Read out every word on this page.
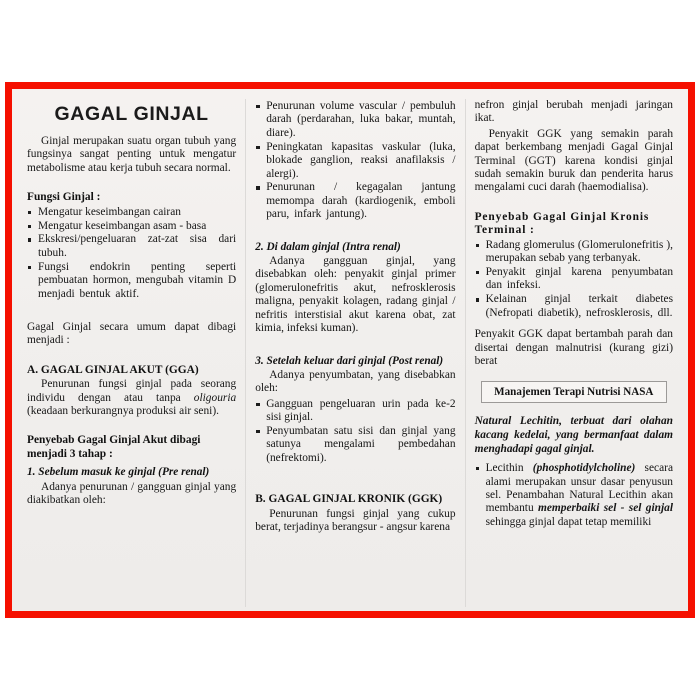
GAGAL GINJAL

Ginjal merupakan suatu organ tubuh yang fungsinya sangat penting untuk mengatur metabolisme atau kerja tubuh secara normal.

Fungsi Ginjal :
Mengatur keseimbangan cairan
Mengatur keseimbangan asam - basa
Ekskresi/pengeluaran zat-zat sisa dari tubuh.
Fungsi endokrin penting seperti pembuatan hormon, mengubah vitamin D menjadi bentuk aktif.

Gagal Ginjal secara umum dapat dibagi menjadi :

A. GAGAL GINJAL AKUT (GGA)

Penurunan fungsi ginjal pada seorang individu dengan atau tanpa oligouria (keadaan berkurangnya produksi air seni).

Penyebab Gagal Ginjal Akut dibagi menjadi 3 tahap :
1. Sebelum masuk ke ginjal (Pre renal)

Adanya penurunan / gangguan ginjal yang diakibatkan oleh:

Penurunan volume vascular / pembuluh darah (perdarahan, luka bakar, muntah, diare).
Peningkatan kapasitas vaskular (luka, blokade ganglion, reaksi anafilaksis / alergi).
Penurunan / kegagalan jantung memompa darah (kardiogenik, emboli paru, infark jantung).
2. Di dalam ginjal (Intra renal)

Adanya gangguan ginjal, yang disebabkan oleh: penyakit ginjal primer (glomerulonefritis akut, nefrosklerosis maligna, penyakit kolagen, radang ginjal / nefritis interstisial akut karena obat, zat kimia, infeksi kuman).

3. Setelah keluar dari ginjal (Post renal)

Adanya penyumbatan, yang disebabkan oleh:

Gangguan pengeluaran urin pada ke-2 sisi ginjal.
Penyumbatan satu sisi dan ginjal yang satunya mengalami pembedahan (nefrektomi).
B. GAGAL GINJAL KRONIK (GGK)

Penurunan fungsi ginjal yang cukup berat, terjadinya berangsur - angsur karena

nefron ginjal berubah menjadi jaringan ikat.

Penyakit GGK yang semakin parah dapat berkembang menjadi Gagal Ginjal Terminal (GGT) karena kondisi ginjal sudah semakin buruk dan penderita harus mengalami cuci darah (haemodialisa).

Penyebab Gagal Ginjal Kronis Terminal :
Radang glomerulus (Glomerulonefritis ), merupakan sebab yang terbanyak.
Penyakit ginjal karena penyumbatan dan infeksi.
Kelainan ginjal terkait diabetes (Nefropati diabetik), nefrosklerosis, dll.

Penyakit GGK dapat bertambah parah dan disertai dengan malnutrisi (kurang gizi) berat

Manajemen Terapi Nutrisi NASA

Natural Lechitin, terbuat dari olahan kacang kedelai, yang bermanfaat dalam menghadapi gagal ginjal.

Lecithin (phosphotidylcholine) secara alami merupakan unsur dasar penyusun sel. Penambahan Natural Lecithin akan membantu memperbaiki sel - sel ginjal sehingga ginjal dapat tetap memiliki
